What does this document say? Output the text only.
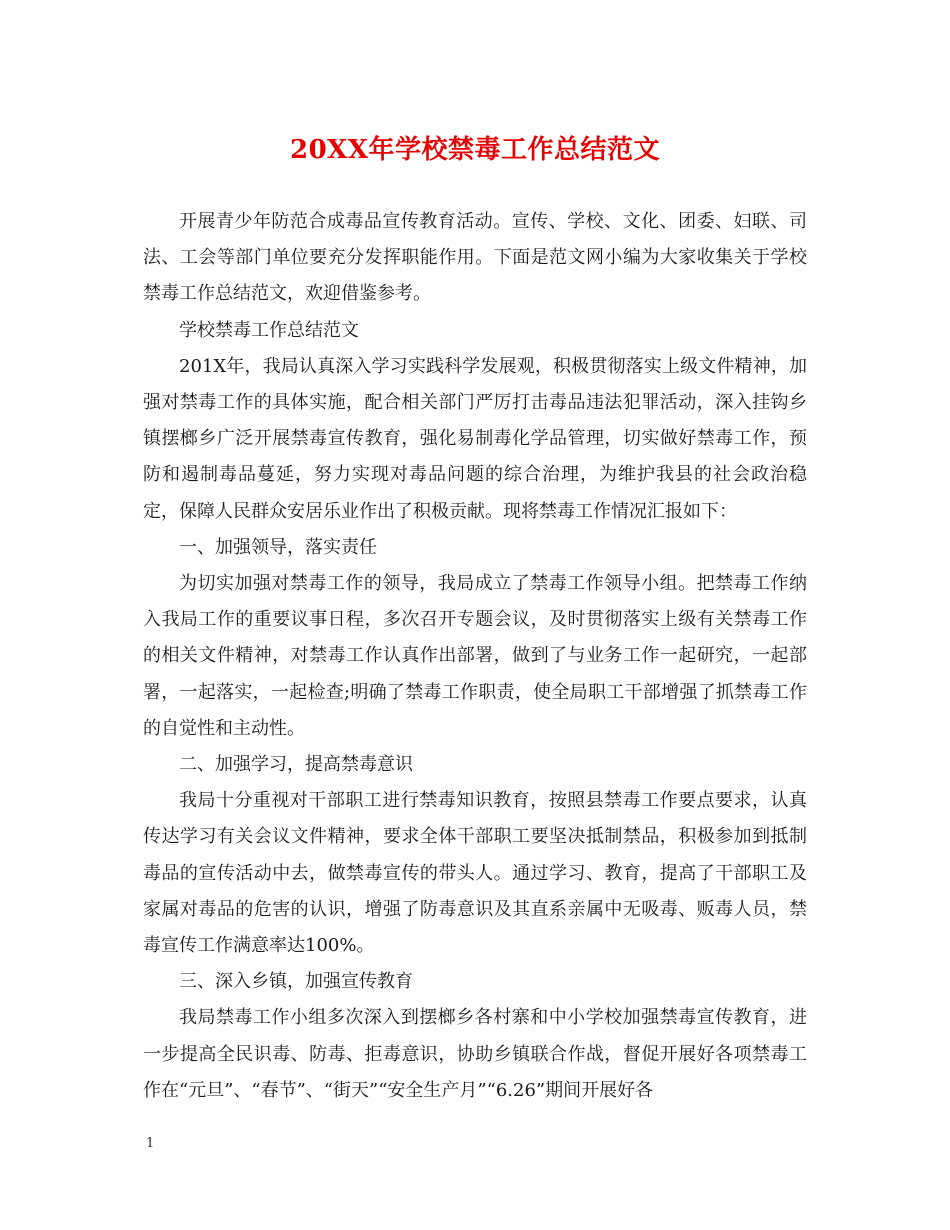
20XX年学校禁毒工作总结范文

开展青少年防范合成毒品宣传教育活动。宣传、学校、文化、团委、妇联、司法、工会等部门单位要充分发挥职能作用。下面是范文网小编为大家收集关于学校禁毒工作总结范文，欢迎借鉴参考。

学校禁毒工作总结范文

201X年，我局认真深入学习实践科学发展观，积极贯彻落实上级文件精神，加强对禁毒工作的具体实施，配合相关部门严厉打击毒品违法犯罪活动，深入挂钩乡镇摆榔乡广泛开展禁毒宣传教育，强化易制毒化学品管理，切实做好禁毒工作，预防和遏制毒品蔓延，努力实现对毒品问题的综合治理，为维护我县的社会政治稳定，保障人民群众安居乐业作出了积极贡献。现将禁毒工作情况汇报如下：

一、加强领导，落实责任

为切实加强对禁毒工作的领导，我局成立了禁毒工作领导小组。把禁毒工作纳入我局工作的重要议事日程，多次召开专题会议，及时贯彻落实上级有关禁毒工作的相关文件精神，对禁毒工作认真作出部署，做到了与业务工作一起研究，一起部署，一起落实，一起检查;明确了禁毒工作职责，使全局职工干部增强了抓禁毒工作的自觉性和主动性。

二、加强学习，提高禁毒意识

我局十分重视对干部职工进行禁毒知识教育，按照县禁毒工作要点要求，认真传达学习有关会议文件精神，要求全体干部职工要坚决抵制禁品，积极参加到抵制毒品的宣传活动中去，做禁毒宣传的带头人。通过学习、教育，提高了干部职工及家属对毒品的危害的认识，增强了防毒意识及其直系亲属中无吸毒、贩毒人员，禁毒宣传工作满意率达100%。

三、深入乡镇，加强宣传教育

我局禁毒工作小组多次深入到摆榔乡各村寨和中小学校加强禁毒宣传教育，进一步提高全民识毒、防毒、拒毒意识，协助乡镇联合作战，督促开展好各项禁毒工作在“元旦”、“春节”、“街天”“安全生产月”“6.26”期间开展好各

1
